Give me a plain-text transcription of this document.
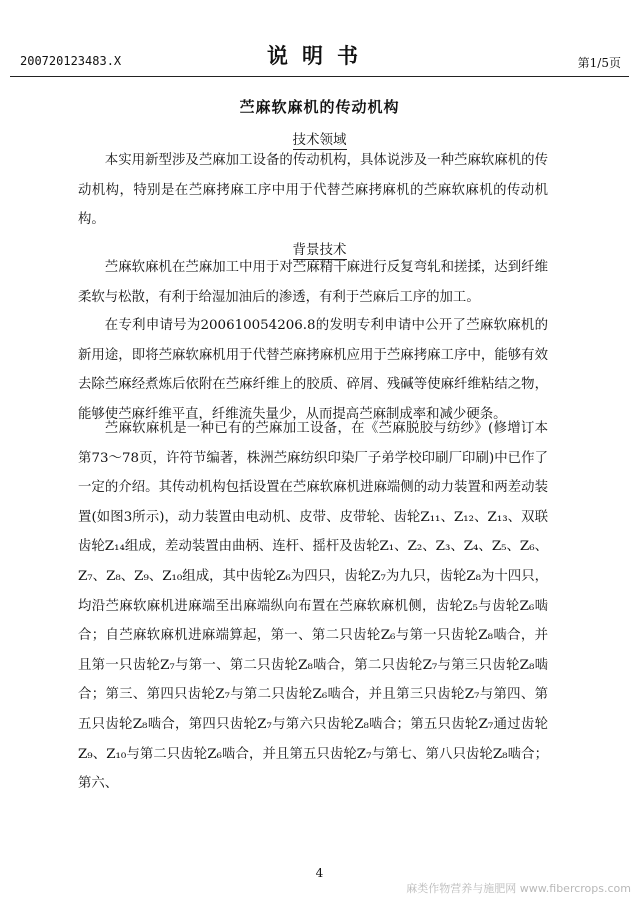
200720123483.X	说明书	第1/5页
苎麻软麻机的传动机构
技术领域
本实用新型涉及苎麻加工设备的传动机构，具体说涉及一种苎麻软麻机的传动机构，特别是在苎麻拷麻工序中用于代替苎麻拷麻机的苎麻软麻机的传动机构。
背景技术
苎麻软麻机在苎麻加工中用于对苎麻精干麻进行反复弯轧和搓揉，达到纤维柔软与松散，有利于给湿加油后的渗透，有利于苎麻后工序的加工。
在专利申请号为200610054206.8的发明专利申请中公开了苎麻软麻机的新用途，即将苎麻软麻机用于代替苎麻拷麻机应用于苎麻拷麻工序中，能够有效去除苎麻经煮炼后依附在苎麻纤维上的胶质、碎屑、残碱等使麻纤维粘结之物，能够使苎麻纤维平直，纤维流失量少，从而提高苎麻制成率和减少硬条。
苎麻软麻机是一种已有的苎麻加工设备，在《苎麻脱胶与纺纱》(修增订本第73～78页，许符节编著，株洲苎麻纺织印染厂子弟学校印刷厂印刷)中已作了一定的介绍。其传动机构包括设置在苎麻软麻机进麻端侧的动力装置和两差动装置(如图3所示)，动力装置由电动机、皮带、皮带轮、齿轮Z₁₁、Z₁₂、Z₁₃、双联齿轮Z₁₄组成，差动装置由曲柄、连杆、摇杆及齿轮Z₁、Z₂、Z₃、Z₄、Z₅、Z₆、Z₇、Z₈、Z₉、Z₁₀组成，其中齿轮Z₆为四只，齿轮Z₇为九只，齿轮Z₈为十四只，均沿苎麻软麻机进麻端至出麻端纵向布置在苎麻软麻机侧，齿轮Z₅与齿轮Z₆啮合；自苎麻软麻机进麻端算起，第一、第二只齿轮Z₆与第一只齿轮Z₈啮合，并且第一只齿轮Z₇与第一、第二只齿轮Z₈啮合，第二只齿轮Z₇与第三只齿轮Z₈啮合；第三、第四只齿轮Z₇与第二只齿轮Z₆啮合，并且第三只齿轮Z₇与第四、第五只齿轮Z₈啮合，第四只齿轮Z₇与第六只齿轮Z₈啮合；第五只齿轮Z₇通过齿轮Z₉、Z₁₀与第二只齿轮Z₆啮合，并且第五只齿轮Z₇与第七、第八只齿轮Z₈啮合；第六、
4
麻类作物营养与施肥网 www.fibercrops.com
